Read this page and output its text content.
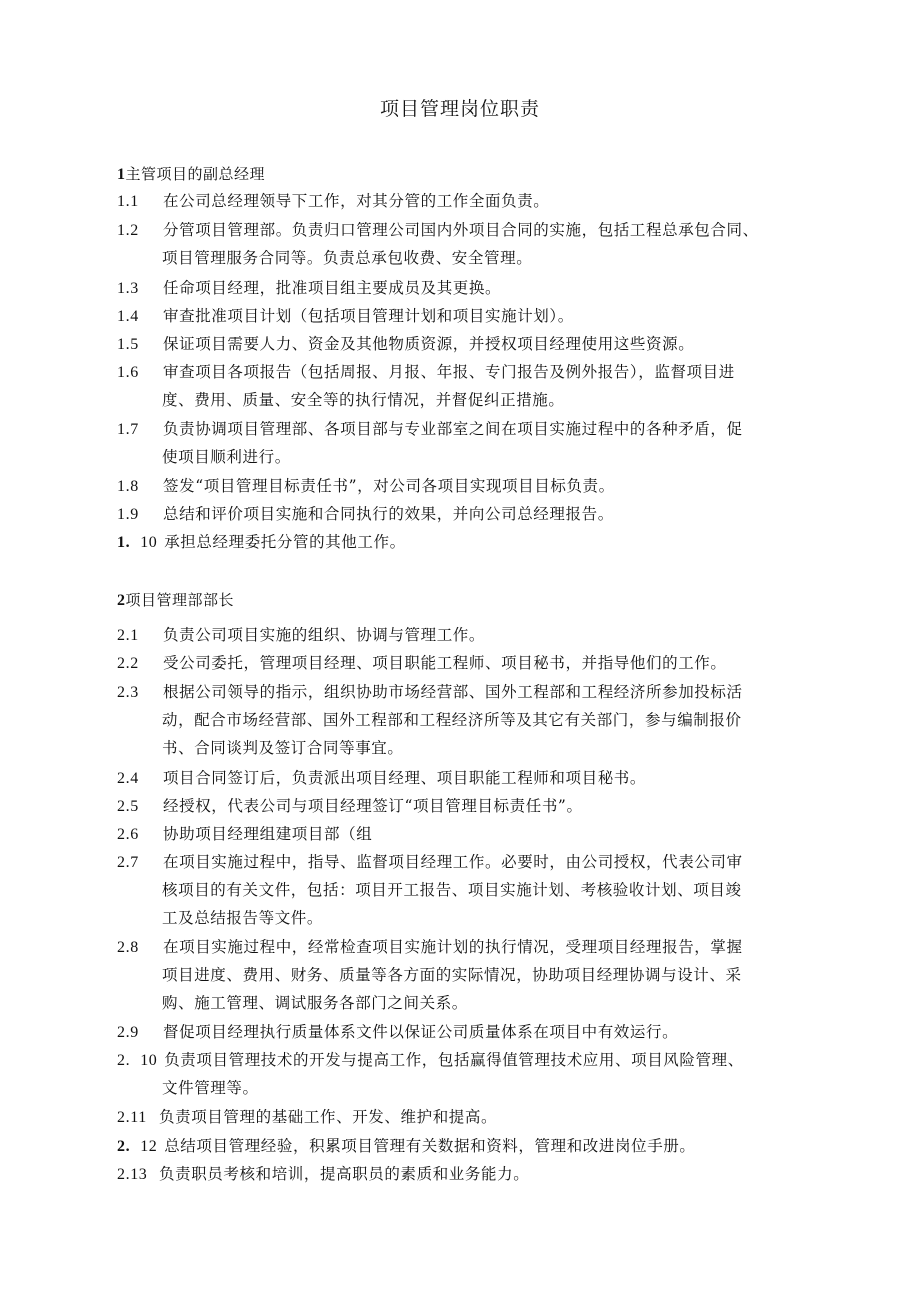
项目管理岗位职责
1主管项目的副总经理
1.1 在公司总经理领导下工作，对其分管的工作全面负责。
1.2 分管项目管理部。负责归口管理公司国内外项目合同的实施，包括工程总承包合同、
项目管理服务合同等。负责总承包收费、安全管理。
1.3 任命项目经理，批准项目组主要成员及其更换。
1.4 审查批准项目计划（包括项目管理计划和项目实施计划）。
1.5 保证项目需要人力、资金及其他物质资源，并授权项目经理使用这些资源。
1.6 审查项目各项报告（包括周报、月报、年报、专门报告及例外报告），监督项目进
度、费用、质量、安全等的执行情况，并督促纠正措施。
1.7 负责协调项目管理部、各项目部与专业部室之间在项目实施过程中的各种矛盾，促
使项目顺利进行。
1.8 签发“项目管理目标责任书”，对公司各项目实现项目目标负责。
1.9 总结和评价项目实施和合同执行的效果，并向公司总经理报告。
1. 10 承担总经理委托分管的其他工作。
2项目管理部部长
2.1 负责公司项目实施的组织、协调与管理工作。
2.2 受公司委托，管理项目经理、项目职能工程师、项目秘书，并指导他们的工作。
2.3 根据公司领导的指示，组织协助市场经营部、国外工程部和工程经济所参加投标活
动，配合市场经营部、国外工程部和工程经济所等及其它有关部门，参与编制报价
书、合同谈判及签订合同等事宜。
2.4 项目合同签订后，负责派出项目经理、项目职能工程师和项目秘书。
2.5 经授权，代表公司与项目经理签订“项目管理目标责任书”。
2.6 协助项目经理组建项目部（组
2.7 在项目实施过程中，指导、监督项目经理工作。必要时，由公司授权，代表公司审
核项目的有关文件，包括：项目开工报告、项目实施计划、考核验收计划、项目竣
工及总结报告等文件。
2.8 在项目实施过程中，经常检查项目实施计划的执行情况，受理项目经理报告，掌握
项目进度、费用、财务、质量等各方面的实际情况，协助项目经理协调与设计、采
购、施工管理、调试服务各部门之间关系。
2.9 督促项目经理执行质量体系文件以保证公司质量体系在项目中有效运行。
2. 10 负责项目管理技术的开发与提高工作，包括赢得值管理技术应用、项目风险管理、
文件管理等。
2.11 负责项目管理的基础工作、开发、维护和提高。
2. 12 总结项目管理经验，积累项目管理有关数据和资料，管理和改进岗位手册。
2.13 负责职员考核和培训，提高职员的素质和业务能力。
